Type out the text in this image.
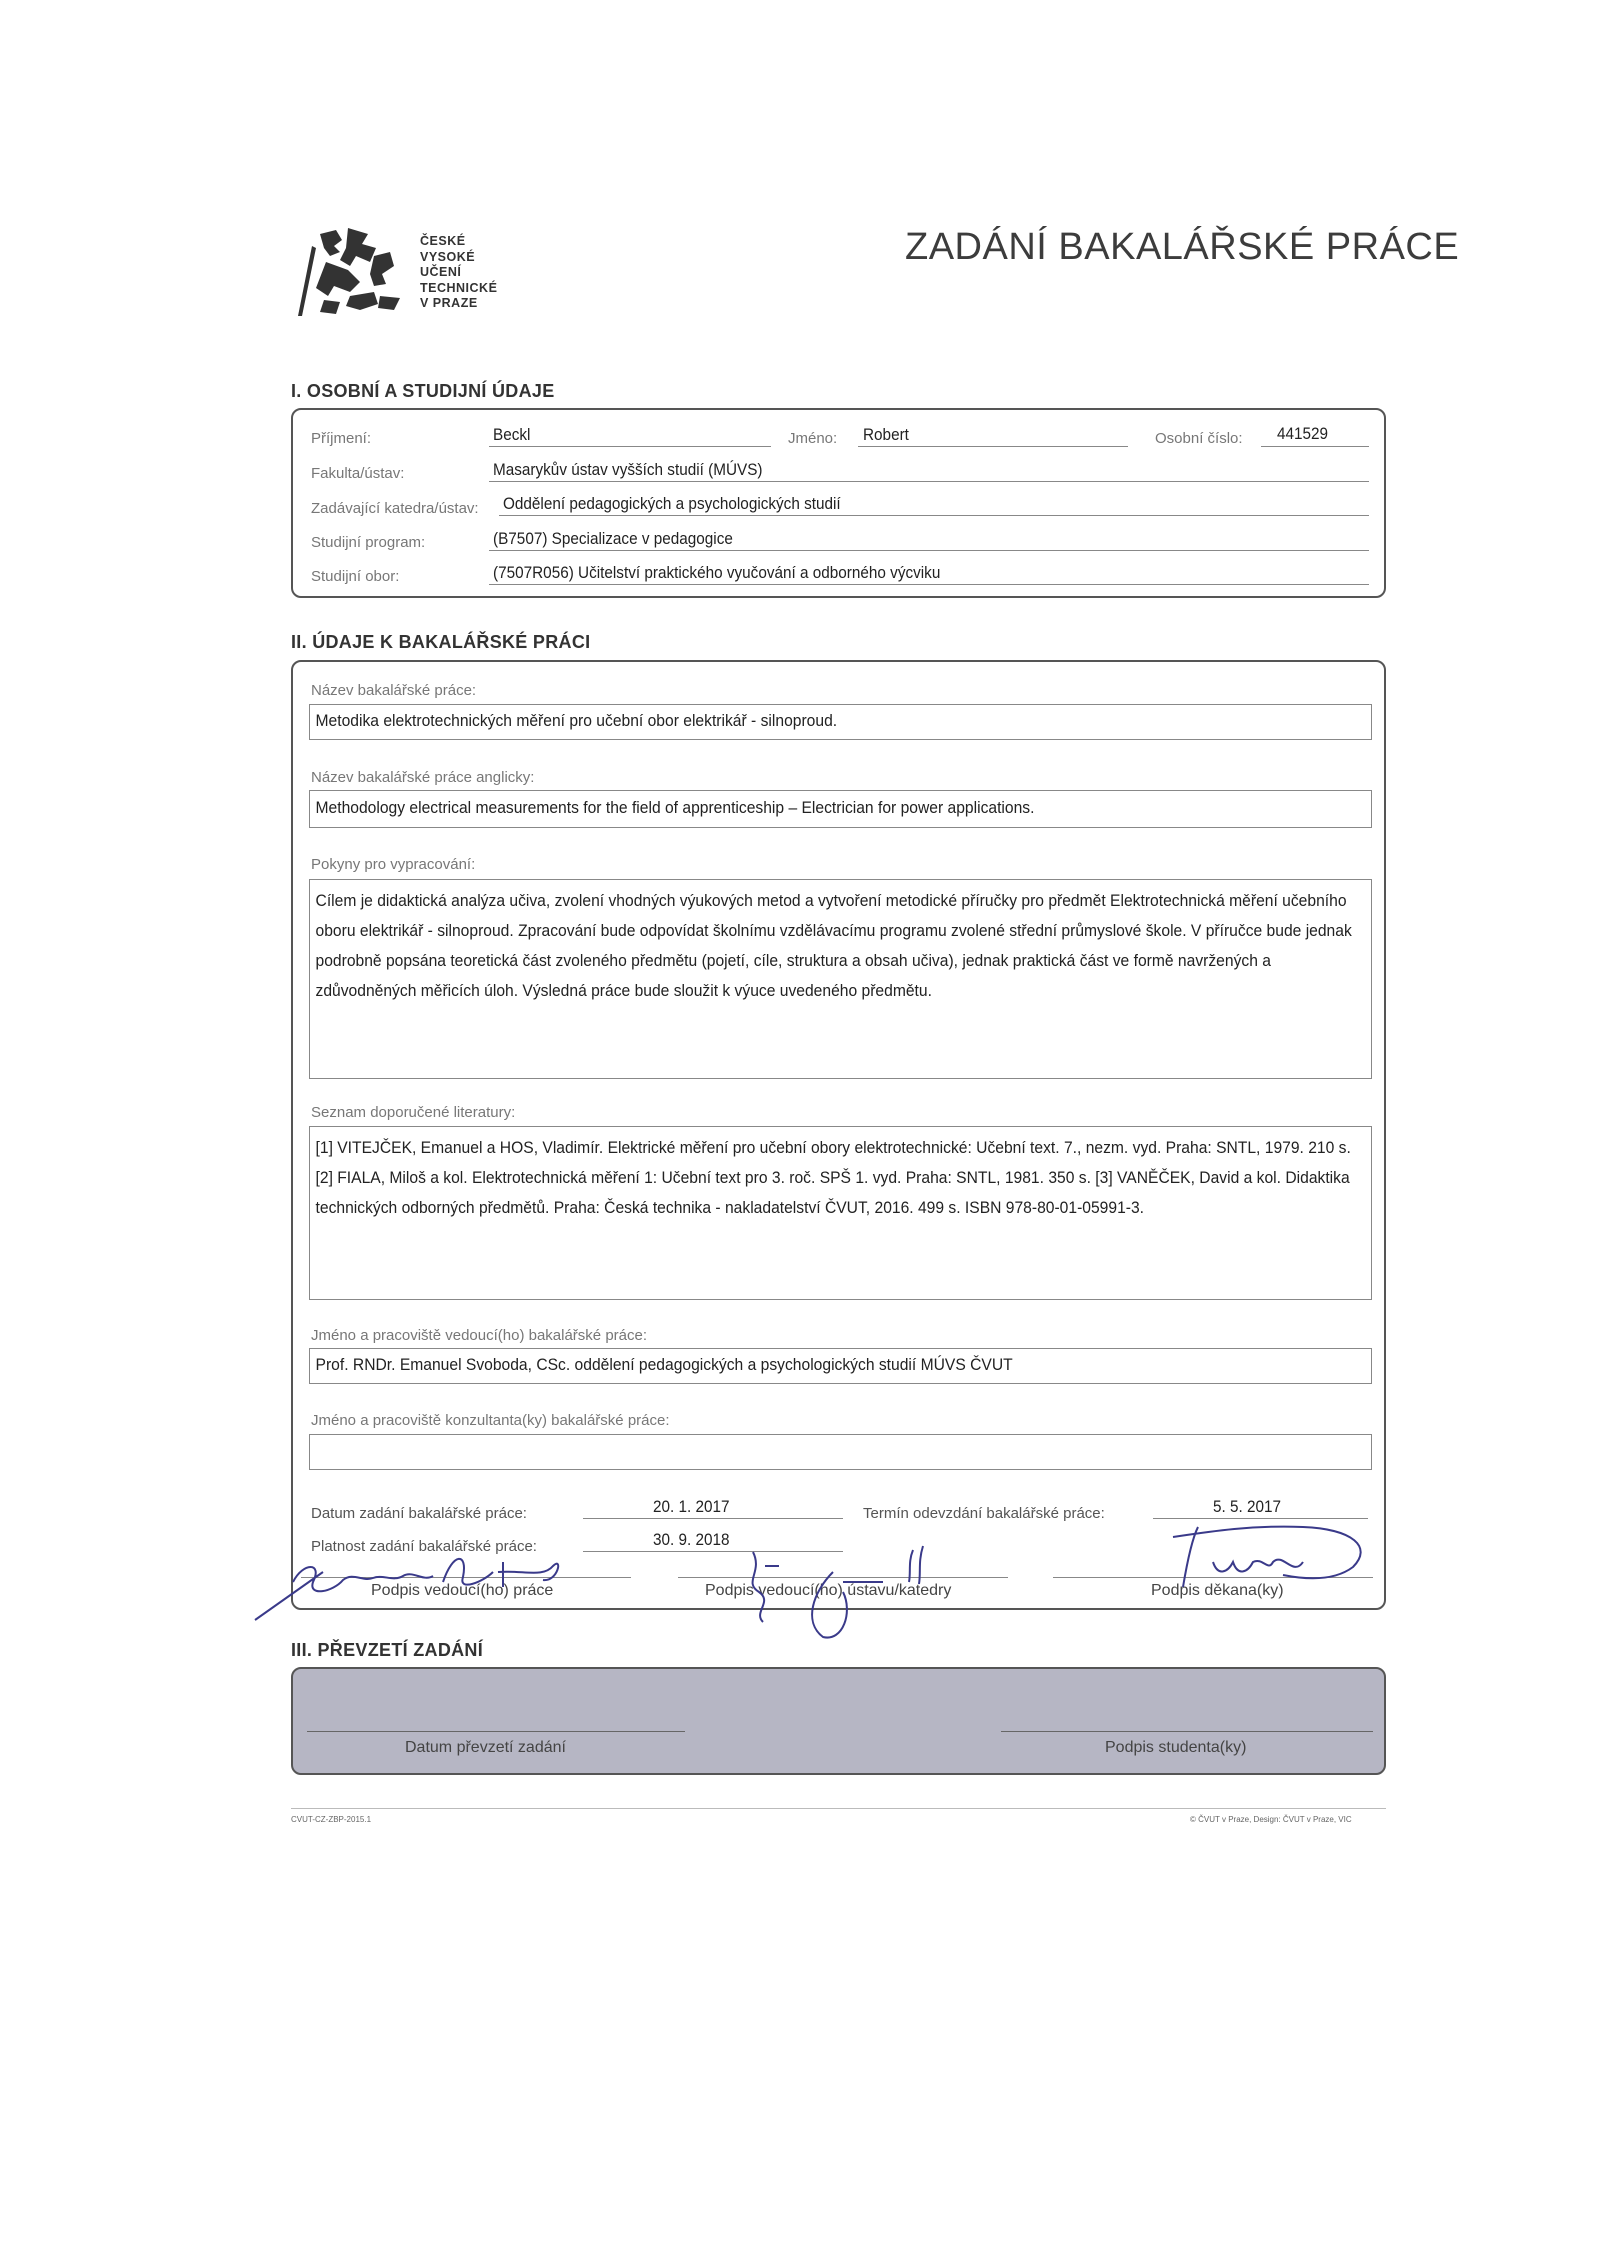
ČESKÉ
VYSOKÉ
UČENÍ
TECHNICKÉ
V PRAZE
ZADÁNÍ BAKALÁŘSKÉ PRÁCE
I. OSOBNÍ A STUDIJNÍ ÚDAJE
Příjmení:	Beckl	Jméno: Robert	Osobní číslo: 441529
Fakulta/ústav:	Masarykův ústav vyšších studií (MÚVS)
Zadávající katedra/ústav: Oddělení pedagogických a psychologických studií
Studijní program:	(B7507) Specializace v pedagogice
Studijní obor:	(7507R056) Učitelství praktického vyučování a odborného výcviku
II. ÚDAJE K BAKALÁŘSKÉ PRÁCI
Název bakalářské práce:
Metodika elektrotechnických měření pro učební obor elektrikář - silnoproud.
Název bakalářské práce anglicky:
Methodology electrical measurements for the field of apprenticeship – Electrician for power applications.
Pokyny pro vypracování:
Cílem je didaktická analýza učiva, zvolení vhodných výukových metod a vytvoření metodické příručky pro předmět Elektrotechnická měření učebního oboru elektrikář - silnoproud. Zpracování bude odpovídat školnímu vzdělávacímu programu zvolené střední průmyslové škole. V příručce bude jednak podrobně popsána teoretická část zvoleného předmětu (pojetí, cíle, struktura a obsah učiva), jednak praktická část ve formě navržených a zdůvodněných měřicích úloh. Výsledná práce bude sloužit k výuce uvedeného předmětu.
Seznam doporučené literatury:
[1] VITEJČEK, Emanuel a HOS, Vladimír. Elektrické měření pro učební obory elektrotechnické: Učební text. 7., nezm. vyd. Praha: SNTL, 1979. 210 s. [2] FIALA, Miloš a kol. Elektrotechnická měření 1: Učební text pro 3. roč. SPŠ 1. vyd. Praha: SNTL, 1981. 350 s. [3] VANĚČEK, David a kol. Didaktika technických odborných předmětů. Praha: Česká technika - nakladatelství ČVUT, 2016. 499 s. ISBN 978-80-01-05991-3.
Jméno a pracoviště vedoucí(ho) bakalářské práce:
Prof. RNDr. Emanuel Svoboda, CSc. oddělení pedagogických a psychologických studií MÚVS ČVUT
Jméno a pracoviště konzultanta(ky) bakalářské práce:
Datum zadání bakalářské práce:	20. 1. 2017	Termín odevzdání bakalářské práce:	5. 5. 2017
Platnost zadání bakalářské práce:	30. 9. 2018
Podpis vedoucí(ho) práce	Podpis vedoucí(ho) ústavu/katedry	Podpis děkana(ky)
III. PŘEVZETÍ ZADÁNÍ
Datum převzetí zadání	Podpis studenta(ky)
CVUT-CZ-ZBP-2015.1	© ČVUT v Praze, Design: ČVUT v Praze, VIC
